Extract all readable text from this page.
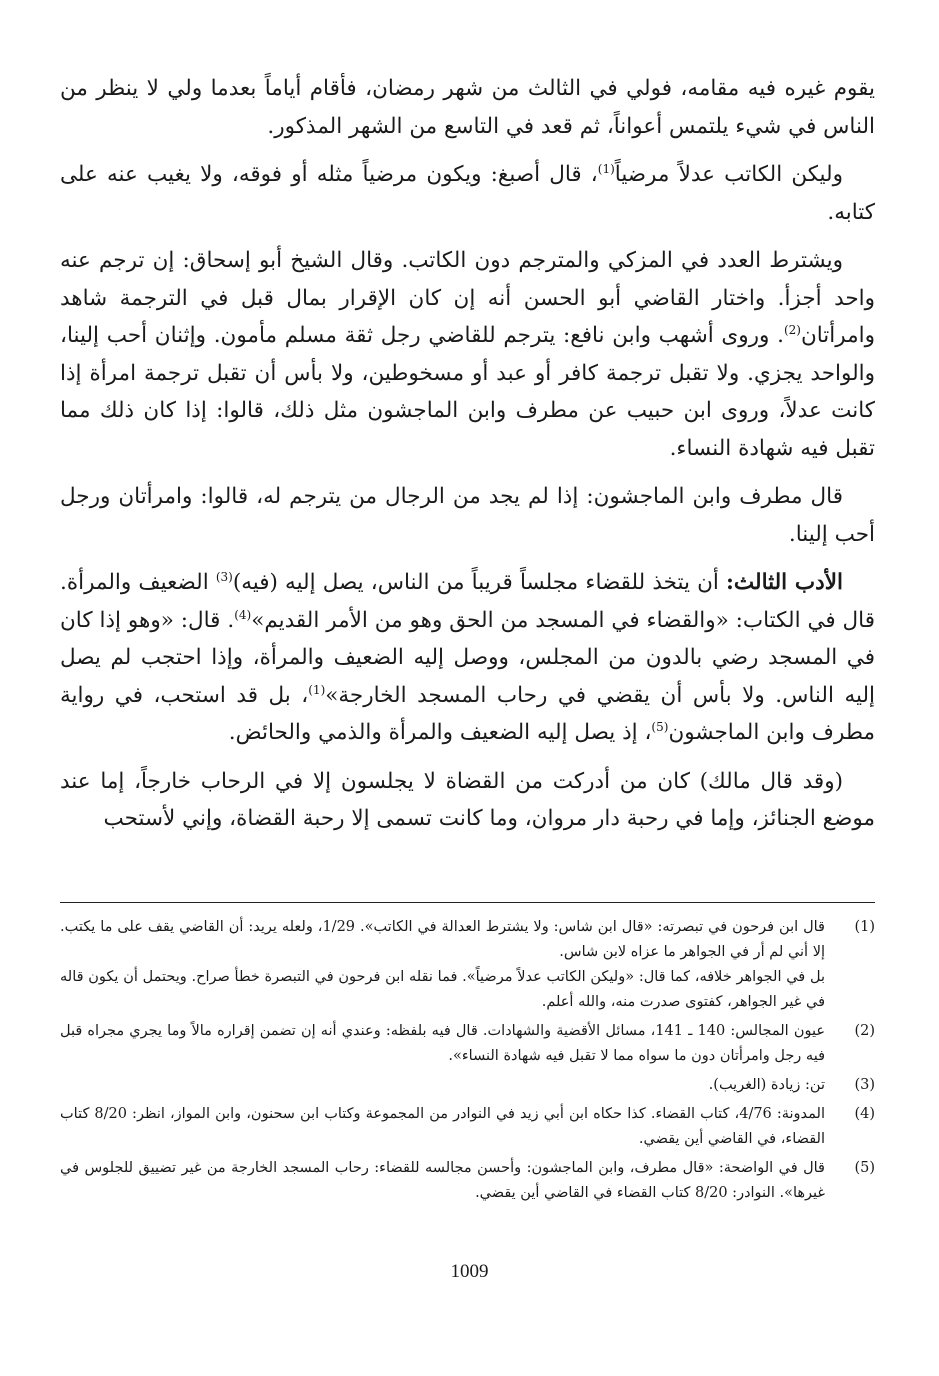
يقوم غيره فيه مقامه، فولي في الثالث من شهر رمضان، فأقام أياماً بعدما ولي لا ينظر من الناس في شيء يلتمس أعواناً، ثم قعد في التاسع من الشهر المذكور.

وليكن الكاتب عدلاً مرضياً$^{(1)}$، قال أصبغ: ويكون مرضياً مثله أو فوقه، ولا يغيب عنه على كتابه.

ويشترط العدد في المزكي والمترجم دون الكاتب. وقال الشيخ أبو إسحاق: إن ترجم عنه واحد أجزأ. واختار القاضي أبو الحسن أنه إن كان الإقرار بمال قبل في الترجمة شاهد وامرأتان$^{(2)}$. وروى أشهب وابن نافع: يترجم للقاضي رجل ثقة مسلم مأمون. وإثنان أحب إلينا، والواحد يجزي. ولا تقبل ترجمة كافر أو عبد أو مسخوطين، ولا بأس أن تقبل ترجمة امرأة إذا كانت عدلاً، وروى ابن حبيب عن مطرف وابن الماجشون مثل ذلك، قالوا: إذا كان ذلك مما تقبل فيه شهادة النساء.

قال مطرف وابن الماجشون: إذا لم يجد من الرجال من يترجم له، قالوا: وامرأتان ورجل أحب إلينا.

الأدب الثالث: أن يتخذ للقضاء مجلساً قريباً من الناس، يصل إليه (فيه)$^{(3)}$ الضعيف والمرأة. قال في الكتاب: «والقضاء في المسجد من الحق وهو من الأمر القديم»$^{(4)}$. قال: «وهو إذا كان في المسجد رضي بالدون من المجلس، ووصل إليه الضعيف والمرأة، وإذا احتجب لم يصل إليه الناس. ولا بأس أن يقضي في رحاب المسجد الخارجة»$^{(1)}$، بل قد استحب، في رواية مطرف وابن الماجشون$^{(5)}$، إذ يصل إليه الضعيف والمرأة والذمي والحائض.

(وقد قال مالك) كان من أدركت من القضاة لا يجلسون إلا في الرحاب خارجاً، إما عند موضع الجنائز، وإما في رحبة دار مروان، وما كانت تسمى إلا رحبة القضاة، وإني لأستحب

(1)
قال ابن فرحون في تبصرته: «قال ابن شاس: ولا يشترط العدالة في الكاتب». 1/29، ولعله يريد: أن القاضي يقف على ما يكتب. إلا أني لم أر في الجواهر ما عزاه لابن شاس.
بل في الجواهر خلافه، كما قال: «وليكن الكاتب عدلاً مرضياً». فما نقله ابن فرحون في التبصرة خطأ صراح. ويحتمل أن يكون قاله في غير الجواهر، كفتوى صدرت منه، والله أعلم.
(2)
عيون المجالس: 140 ـ 141، مسائل الأقضية والشهادات. قال فيه بلفظه: وعندي أنه إن تضمن إقراره مالاً وما يجري مجراه قبل فيه رجل وامرأتان دون ما سواه مما لا تقبل فيه شهادة النساء».
(3)
تن: زيادة (الغريب).
(4)
المدونة: 4/76، كتاب القضاء. كذا حكاه ابن أبي زيد في النوادر من المجموعة وكتاب ابن سحنون، وابن المواز، انظر: 8/20 كتاب القضاء، في القاضي أين يقضي.
(5)
قال في الواضحة: «قال مطرف، وابن الماجشون: وأحسن مجالسه للقضاء: رحاب المسجد الخارجة من غير تضييق للجلوس في غيرها». النوادر: 8/20 كتاب القضاء في القاضي أين يقضي.
1009
